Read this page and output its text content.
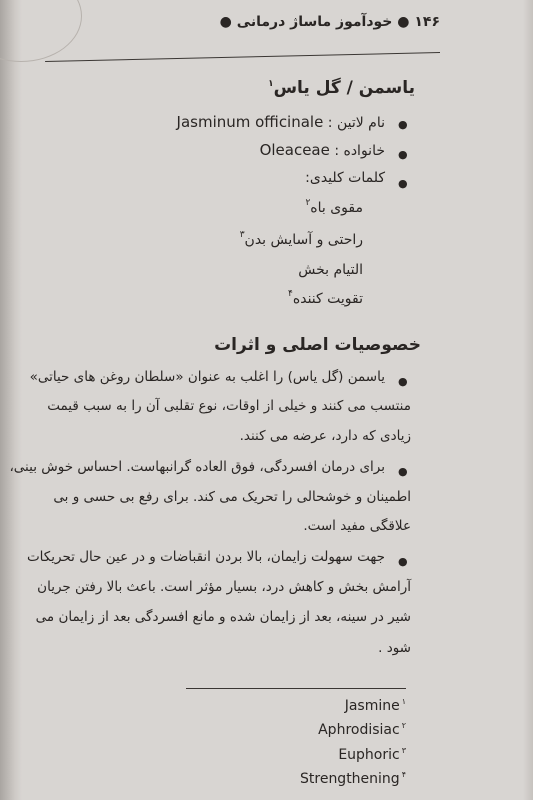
۱۴۶ ● خودآموز ماساژ درمانی ●
یاسمن / گل یاس$^۱$
●
نام لاتین : Jasminum officinale
●
خانواده : Oleaceae
●
کلمات کلیدی:
مقوی باه$^۲$
راحتی و آسایش بدن$^۳$
التیام بخش
تقویت کننده$^۴$
خصوصیات اصلی و اثرات
●
یاسمن (گل یاس) را اغلب به عنوان «سلطان روغن های حیاتی»
منتسب می کنند و خیلی از اوقات، نوع تقلبی آن را به سبب قیمت
زیادی که دارد، عرضه می کنند.
●
برای درمان افسردگی، فوق العاده گرانبهاست. احساس خوش بینی،
اطمینان و خوشحالی را تحریک می کند. برای رفع بی حسی و بی
علاقگی مفید است.
●
جهت سهولت زایمان، بالا بردن انقباضات و در عین حال تحریکات
آرامش بخش و کاهش درد، بسیار مؤثر است. باعث بالا رفتن جریان
شیر در سینه، بعد از زایمان شده و مانع افسردگی بعد از زایمان می
شود .
Jasmine $^۱$
Aphrodisiac $^۲$
Euphoric $^۳$
Strengthening $^۴$
